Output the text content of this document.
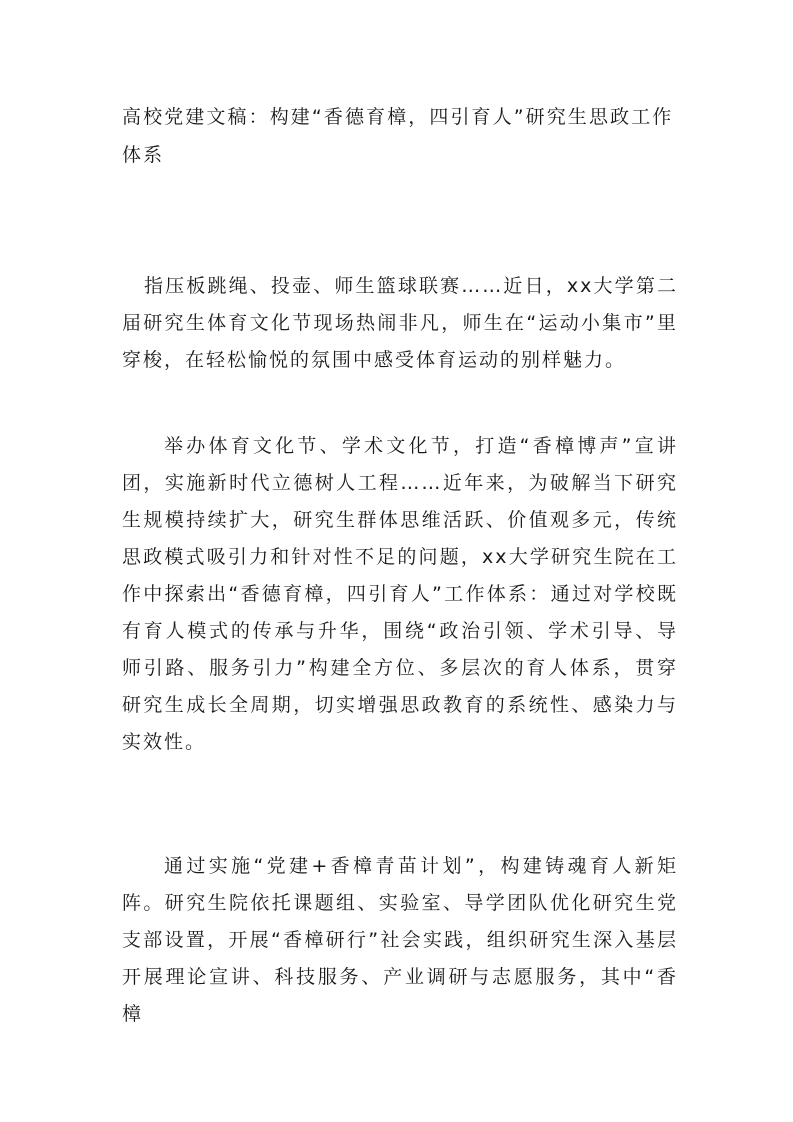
高校党建文稿：构建“香德育樟，四引育人”研究生思政工作体系

指压板跳绳、投壶、师生篮球联赛……近日，xx大学第二届研究生体育文化节现场热闹非凡，师生在“运动小集市”里穿梭，在轻松愉悦的氛围中感受体育运动的别样魅力。

举办体育文化节、学术文化节，打造“香樟博声”宣讲团，实施新时代立德树人工程……近年来，为破解当下研究生规模持续扩大，研究生群体思维活跃、价值观多元，传统思政模式吸引力和针对性不足的问题，xx大学研究生院在工作中探索出“香德育樟，四引育人”工作体系：通过对学校既有育人模式的传承与升华，围绕“政治引领、学术引导、导师引路、服务引力”构建全方位、多层次的育人体系，贯穿研究生成长全周期，切实增强思政教育的系统性、感染力与实效性。

通过实施“党建+香樟青苗计划”，构建铸魂育人新矩阵。研究生院依托课题组、实验室、导学团队优化研究生党支部设置，开展“香樟研行”社会实践，组织研究生深入基层开展理论宣讲、科技服务、产业调研与志愿服务，其中“香樟
